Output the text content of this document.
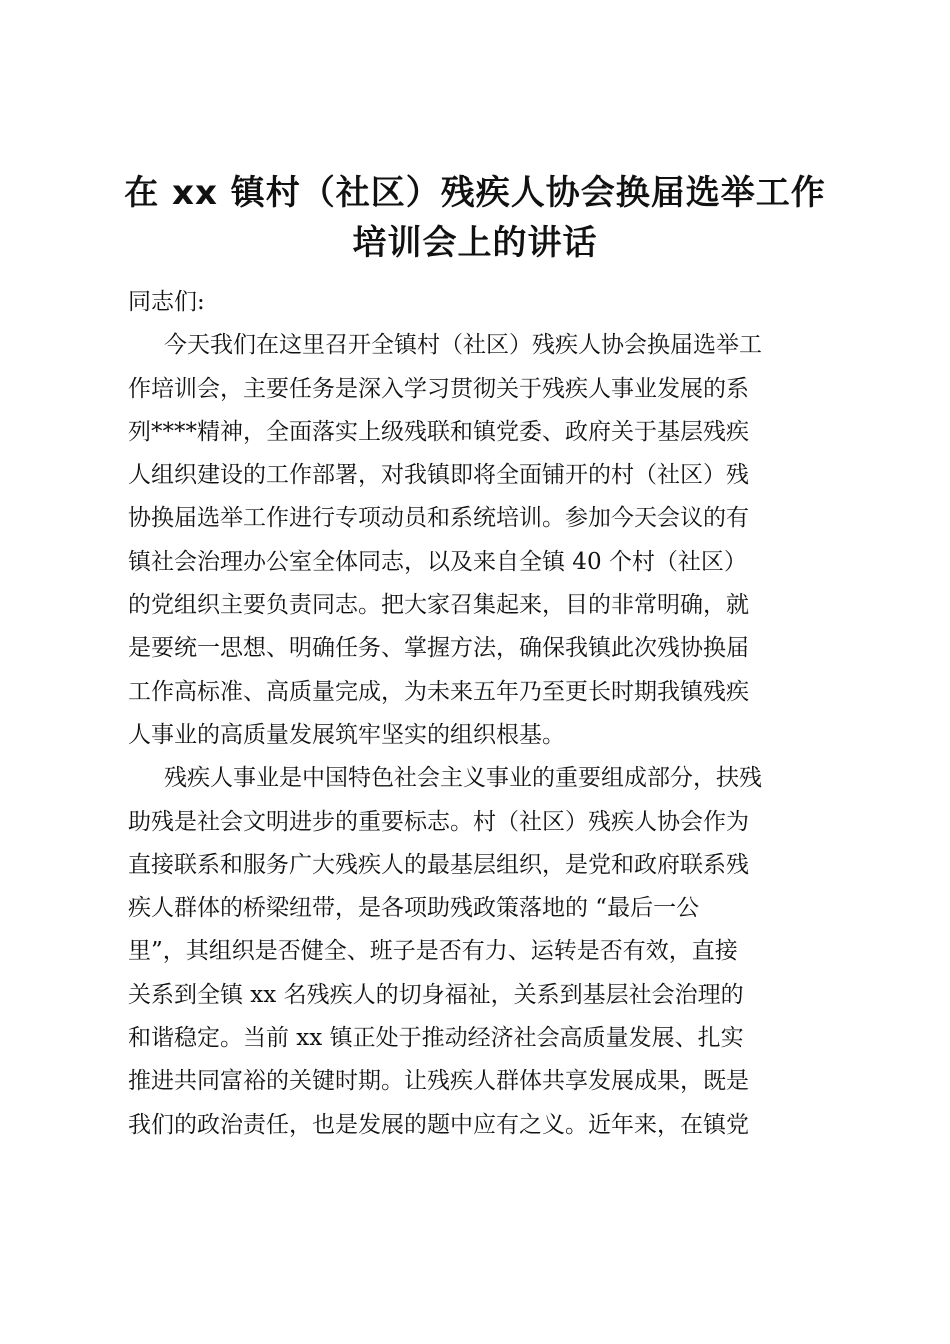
在 xx 镇村（社区）残疾人协会换届选举工作
培训会上的讲话
同志们:
今天我们在这里召开全镇村（社区）残疾人协会换届选举工
作培训会，主要任务是深入学习贯彻关于残疾人事业发展的系
列****精神，全面落实上级残联和镇党委、政府关于基层残疾
人组织建设的工作部署，对我镇即将全面铺开的村（社区）残
协换届选举工作进行专项动员和系统培训。参加今天会议的有
镇社会治理办公室全体同志，以及来自全镇 40 个村（社区）
的党组织主要负责同志。把大家召集起来，目的非常明确，就
是要统一思想、明确任务、掌握方法，确保我镇此次残协换届
工作高标准、高质量完成，为未来五年乃至更长时期我镇残疾
人事业的高质量发展筑牢坚实的组织根基。
残疾人事业是中国特色社会主义事业的重要组成部分，扶残
助残是社会文明进步的重要标志。村（社区）残疾人协会作为
直接联系和服务广大残疾人的最基层组织，是党和政府联系残
疾人群体的桥梁纽带，是各项助残政策落地的 “最后一公
里”，其组织是否健全、班子是否有力、运转是否有效，直接
关系到全镇 xx 名残疾人的切身福祉，关系到基层社会治理的
和谐稳定。当前 xx 镇正处于推动经济社会高质量发展、扎实
推进共同富裕的关键时期。让残疾人群体共享发展成果，既是
我们的政治责任，也是发展的题中应有之义。近年来，在镇党
